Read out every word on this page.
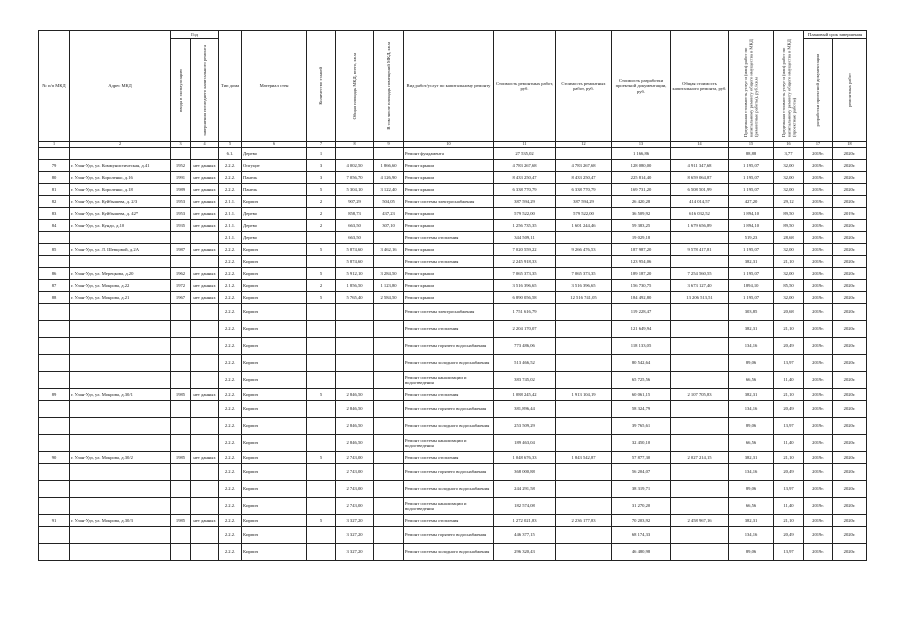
№ п/п МКД	Адрес МКД	Год		Тип дома	Материал стен	Количество этажей	Общая площадь МКД, всего, кв.м	В том числе площадь помещений МКД, кв.м	Вид работ/услуг по капитальному ремонту	Стоимость ремонтных работ, руб.	Стоимость ремонтных работ, руб.	Стоимость разработки проектной документации, руб.	Общая стоимость капитального ремонта, руб.	Предельная стоимость услуг и (или) работ по капитальному ремонту общего имущества в МКД (ремонтные работы), руб./кв.м	Предельная стоимость услуг и (или) работ по капитальному ремонту общего имущества в МКД (проектные работы)	Плановый срок завершения	

		ввода в эксплуатацию	завершения последнего капитального ремонта													разработки проектной документации	ремонтных работ

1	2	3	4	5	6	7	8	9	10	11	12	13	14	15	16	17	18
				6.1.	Дерево	1			Ремонт фундамента	27 535,02		1 166,86		88,88	3,77	2019г.	2020г.
79	г. Улан-Удэ, ул. Коммунистическая, д.41	1952	нет данных	2.2.2.	Опгуцит	3	4 002,50	1 866,60	Ремонт крыши	4 783 267,68	4 783 267,68	128 080,00	4 911 347,68	1 195,07	32,00	2019г.	2020г.
80	г. Улан-Удэ, ул. Короленко, д.16	1991	нет данных	2.2.2.	Панель	3	7 056,70	4 126,90	Ремонт крыши	8 433 250,47	8 433 250,47	225 814,40	8 659 064,87	1 195,07	32,00	2019г.	2020г.
81	г. Улан-Удэ, ул. Короленко, д.18	1989	нет данных	2.2.2.	Панель	5	5 304,10	3 122,40	Ремонт крыши	6 338 770,79	6 338 770,79	169 731,20	6 508 501,99	1 195,07	32,00	2019г.	2020г.
82	г. Улан-Удэ, ул. Куйбышева, д. 2/3	1953	нет данных	2.1.1.	Кирпич	2	907,29	504,05	Ремонт системы электроснабжения	387 594,29	387 594,29	26 420,28	414 014,57	427,20	29,12	2019г.	2020г.
83	г. Улан-Удэ, ул. Куйбышева, д. 42*	1953	нет данных	2.1.1.	Дерево	2	858,73	437,23	Ремонт крыши	579 522,00	579 522,00	36 509,92	616 032,52	1 894,10	89,50	2019г.	2019г.
84	г. Улан-Удэ, ул. Кундо, д.10	1935	нет данных	2.1.1.	Дерево	2	663,50	307,10	Ремонт крыши	1 256 735,35	1 601 244,46	59 383,25	1 679 656,89	1 894,10	89,50	2019г.	2020г.
				2.1.1.	Дерево		663,50		Ремонт системы отопления	344 509,11		19 029,18		519,23	28,68	2019г.	2020г.
85	г. Улан-Удэ, ул. Л. Шевцовой, д.2А	1987	нет данных	2.2.2.	Кирпич	5	5 874,60	3 462,16	Ремонт крыши	7 020 559,22	9 266 476,53	187 987,20	9 578 417,81	1 195,07	32,00	2019г.	2020г.
				2.2.2.	Кирпич		5 874,60		Ремонт системы отопления	2 245 918,33		123 954,06		382,31	21,10	2019г.	2020г.
86	г. Улан-Удэ, ул. Мерецкова, д.20	1962	нет данных	2.2.2.	Кирпич	5	5 912,10	3 284,50	Ремонт крыши	7 065 373,35	7 065 373,35	189 187,20	7 254 560,55	1 195,07	32,00	2019г.	2020г.
87	г. Улан-Удэ, ул. Мокрова, д.22	1972	нет данных	2.1.2.	Кирпич	2	1 856,50	1 123,80	Ремонт крыши	3 516 396,65	3 516 396,65	156 730,75	3 673 127,40	1894,10	85,50	2019г.	2020г.
88	г. Улан-Удэ, ул. Мокрова, д.21	1967	нет данных	2.2.2.	Кирпич	5	5 765,40	2 584,50	Ремонт крыши	6 890 056,58	12 516 741,05	184 492,80	13 206 513,51	1 195,07	32,00	2019г.	2020г.
				2.2.2.	Кирпич				Ремонт системы электроснабжения	1 751 616,79		119 228,47		303,85	20,68	2019г.	2020г.
				2.2.2.	Кирпич				Ремонт системы отопления	2 204 170,07		121 649,94		382,31	21,10	2019г.	2020г.
				2.2.2.	Кирпич				Ремонт системы горячего водоснабжения	773 486,06		118 133,05		134,16	20,49	2019г.	2020г.
				2.2.2.	Кирпич				Ремонт системы холодного водоснабжения	513 466,52		80 542,64		89,06	13,97	2019г.	2020г.
				2.2.2.	Кирпич				Ремонт системы канализации и водоотведения	383 745,02		65 725,56		66,56	11,40	2019г.	2020г.
89	г. Улан-Удэ, ул. Мокрова, д.30/1	1985	нет данных	2.2.2.	Кирпич	5	2 846,50		Ремонт системы отопления	1 088 245,42	1 913 104,19	60 061,15	2 107 705,83	382,31	21,10	2019г.	2020г.
				2.2.2.	Кирпич		2 846,50		Ремонт системы горячего водоснабжения	381,896,44		58 324,79		134,16	20,49	2019г.	2020г.
				2.2.2.	Кирпич		2 846,50		Ремонт системы холодного водоснабжения	253 509,29		39 765,61		89,06	13,97	2019г.	2020г.
				2.2.2.	Кирпич		2 846,50		Ремонт системы канализации и водоотведения	189 463,04		32 450,10		66,56	11,40	2019г.	2020г.
90	г. Улан-Удэ, ул. Мокрова, д.30/2	1985	нет данных	2.2.2.	Кирпич	5	2 743,00		Ремонт системы отопления	1 048 676,33	1 843 542,87	57 877,30	2 027 214,15	382,31	21,10	2019г.	2020г.
				2.2.2.	Кирпич		2 743,00		Ремонт системы горячего водоснабжения	368 000,88		56 204,07		134,16	20,49	2019г.	2020г.
				2.2.2.	Кирпич		2 743,00		Ремонт системы холодного водоснабжения	244 291,58		38 319,71		89,06	13,97	2019г.	2020г.
				2.2.2.	Кирпич		2 743,00		Ремонт системы канализации и водоотведения	182 574,08		31 270,20		66,56	11,40	2019г.	2020г.
91	г. Улан-Удэ, ул. Мокрова, д.30/3	1985	нет данных	2.2.2.	Кирпич	5	3 327,20		Ремонт системы отопления	1 272 021,83	2 236 177,83	70 203,92	2 458 967,16	382,31	21,10	2019г.	2020г.
				2.2.2.	Кирпич		3 327,20		Ремонт системы горячего водоснабжения	446 377,15		68 174,33		134,16	20,49	2019г.	2020г.
				2.2.2.	Кирпич		3 327,20		Ремонт системы холодного водоснабжения	296 320,43		46 480,98		89,06	13,97	2019г.	2020г.
